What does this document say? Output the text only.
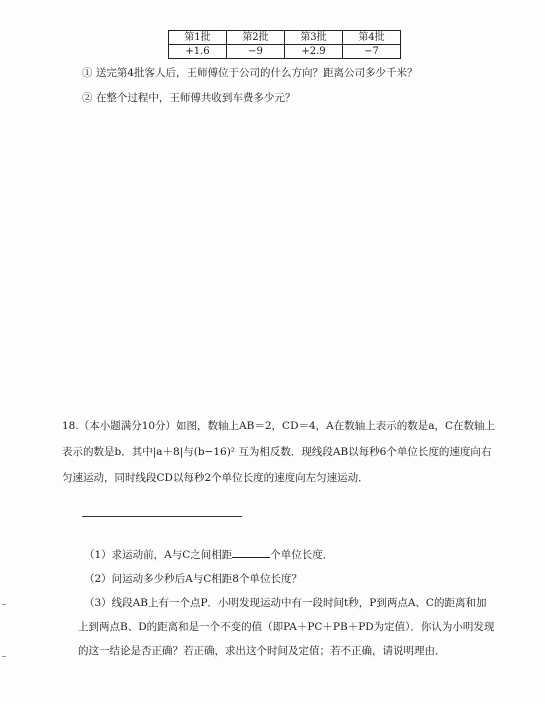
第1批	第2批	第3批	第4批
+1.6	−9	+2.9	−7
① 送完第4批客人后，王师傅位于公司的什么方向？距离公司多少千米？
② 在整个过程中，王师傅共收到车费多少元？
18.（本小题满分10分）如图，数轴上AB＝2，CD＝4，A在数轴上表示的数是a，C在数轴上
表示的数是b．其中|a＋8|与(b−16)² 互为相反数．现线段AB以每秒6个单位长度的速度向右
匀速运动，同时线段CD以每秒2个单位长度的速度向左匀速运动．
（1）求运动前，A与C之间相距	个单位长度．
（2）问运动多少秒后A与C相距8个单位长度？
（3）线段AB上有一个点P．小明发现运动中有一段时间t秒，P到两点A、C的距离和加
上到两点B、D的距离和是一个不变的值（即PA＋PC＋PB＋PD为定值）．你认为小明发现
的这一结论是否正确？若正确，求出这个时间及定值；若不正确，请说明理由．
